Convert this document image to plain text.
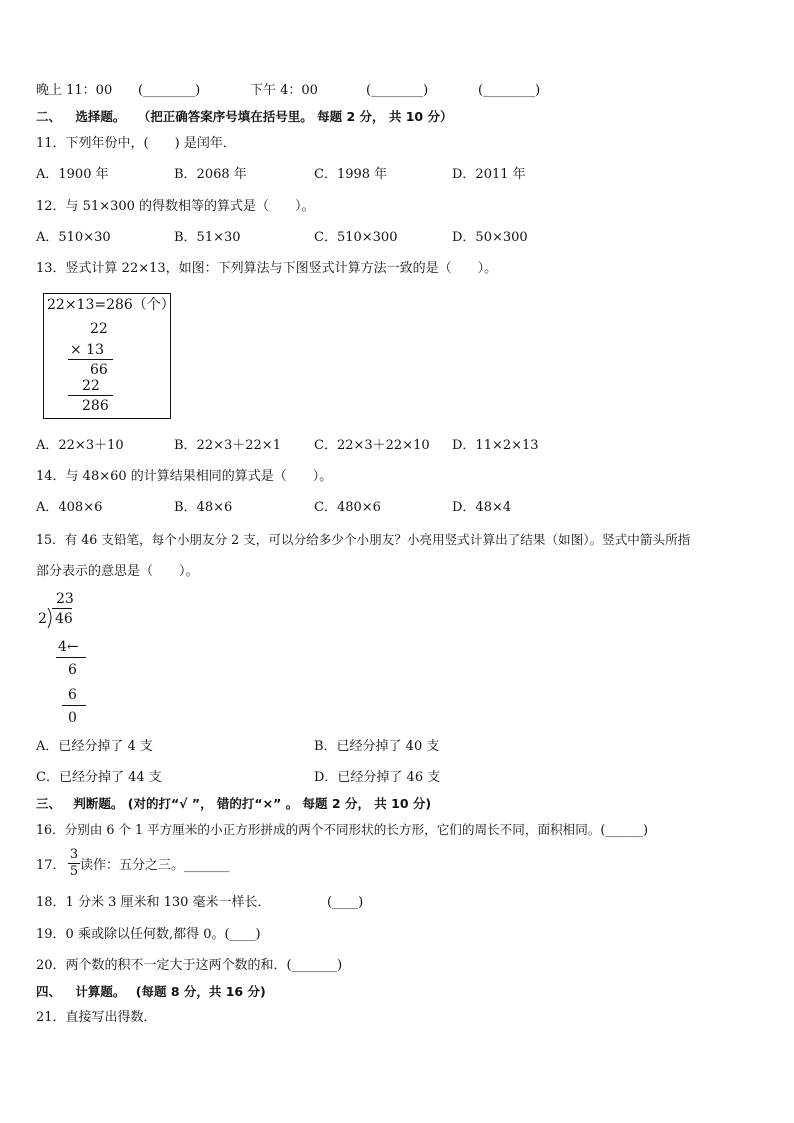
晚上 11：00 (________)	下午 4：00	(________)	(________)
二、 选择题。 （把正确答案序号填在括号里。 每题 2 分， 共 10 分）
11．下列年份中，(　　) 是闰年．
A．1900 年	B．2068 年	C．1998 年	D．2011 年
12．与 51×300 的得数相等的算式是（　　）。
A．510×30	B．51×30	C．510×300	D．50×300
13．竖式计算 22×13，如图：下列算法与下图竖式计算方法一致的是（　　）。
22×13=286（个）
22
× 13
66
22
286
A．22×3＋10	B．22×3＋22×1	C．22×3＋22×10 D．11×2×13
14．与 48×60 的计算结果相同的算式是（　　）。
A．408×6	B．48×6	C．480×6	D．48×4
15．有 46 支铅笔，每个小朋友分 2 支，可以分给多少个小朋友？小亮用竖式计算出了结果（如图）。竖式中箭头所指
部分表示的意思是（　　）。
23
2 46
4←
6
6
0
A．已经分掉了 4 支	B．已经分掉了 40 支
C．已经分掉了 44 支	D．已经分掉了 46 支
三、 判断题。 (对的打“√ ”， 错的打“×” 。 每题 2 分， 共 10 分)
16．分别由 6 个 1 平方厘米的小正方形拼成的两个不同形状的长方形，它们的周长不同，面积相同。(______)
17．
3
5 读作：五分之三。_______
18．1 分米 3 厘米和 130 毫米一样长．	(____)
19．0 乘或除以任何数,都得 0。(____)
20．两个数的积不一定大于这两个数的和．(_______)
四、 计算题。 (每题 8 分，共 16 分)
21．直接写出得数．
